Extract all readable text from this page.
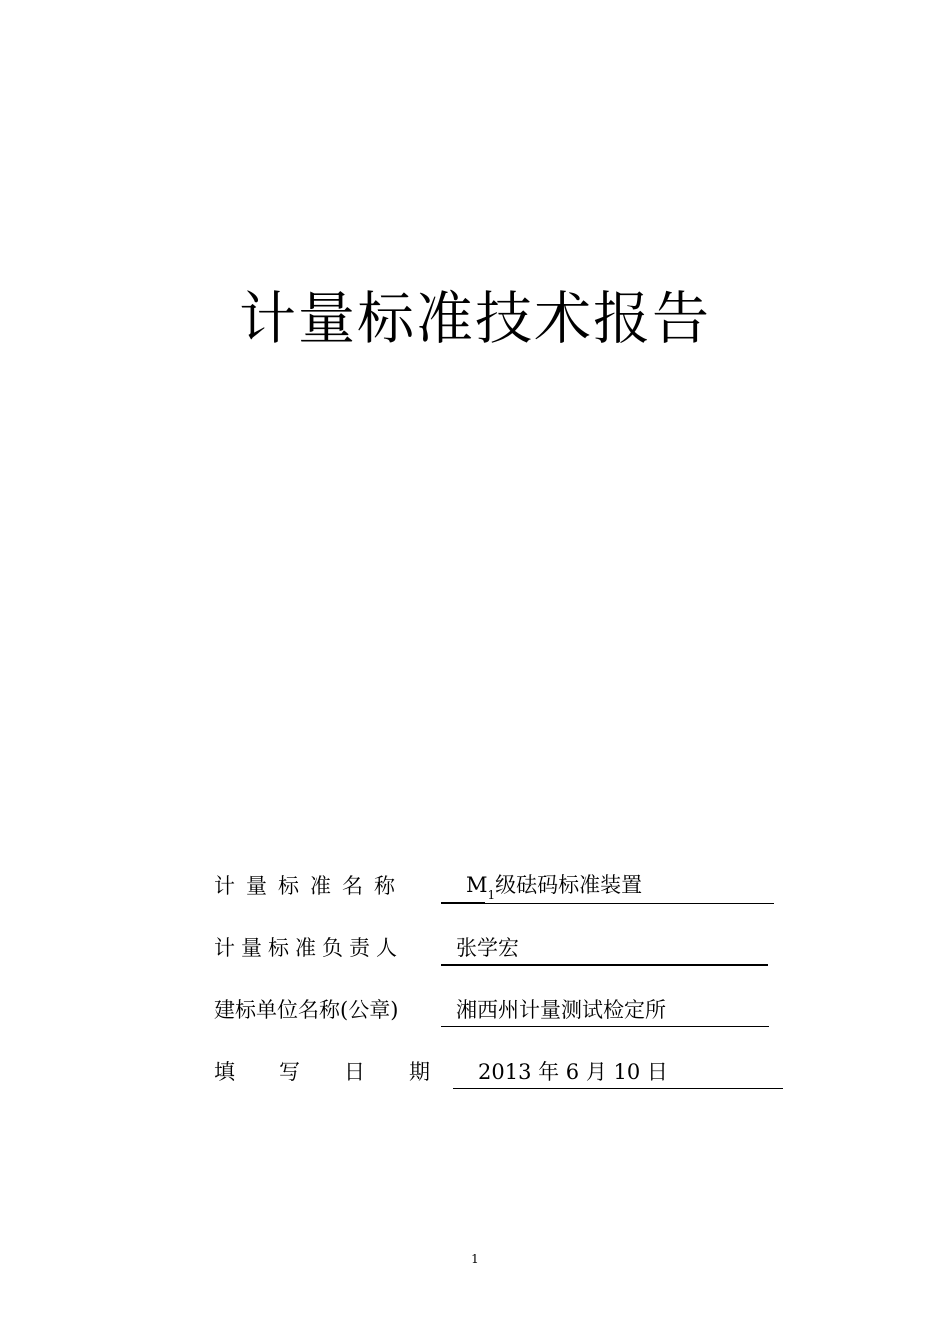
计量标准技术报告
计量标准名称	$M_1$级砝码标准装置
计量标准负责人	张学宏
建标单位名称(公章)	湘西州计量测试检定所
填 写 日 期 2013 年 6 月 10 日
1
